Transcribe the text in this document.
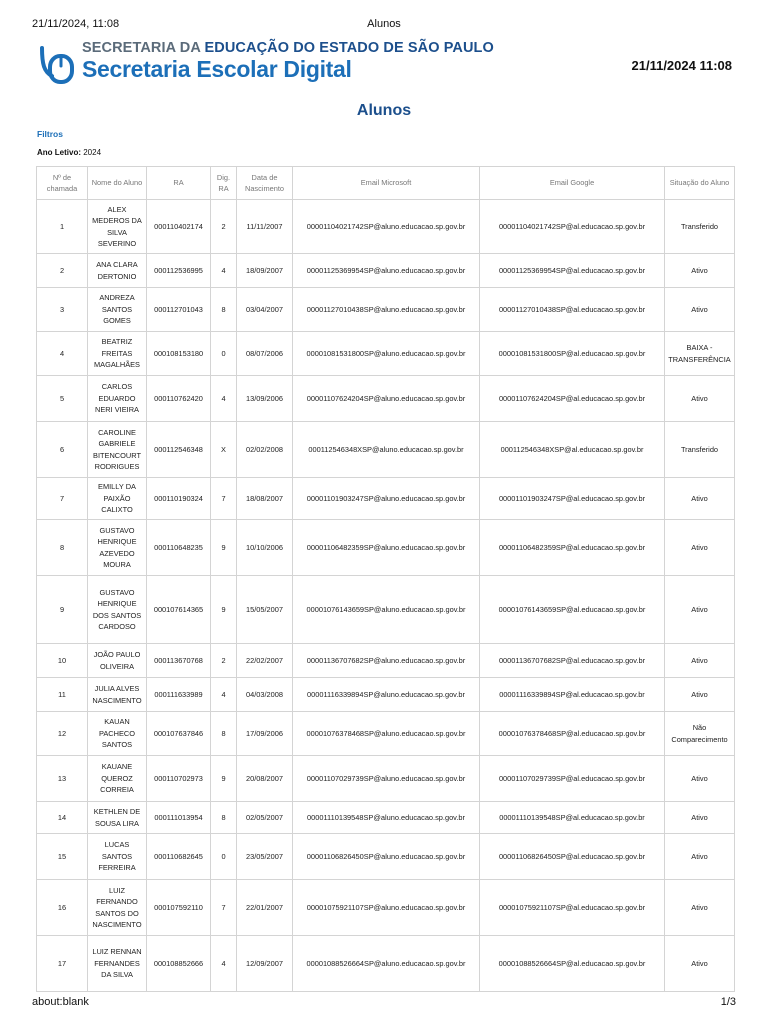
21/11/2024, 11:08	Alunos
SECRETARIA DA EDUCAÇÃO DO ESTADO DE SÃO PAULO
Secretaria Escolar Digital	21/11/2024 11:08
Alunos
Filtros
Ano Letivo: 2024
Nº de chamada	Nome do Aluno	RA	Dig. RA	Data de Nascimento	Email Microsoft	Email Google	Situação do Aluno
1	ALEX MEDEROS DA SILVA SEVERINO	000110402174	2	11/11/2007	00001104021742SP@aluno.educacao.sp.gov.br	00001104021742SP@al.educacao.sp.gov.br	Transferido
2	ANA CLARA DERTONIO	000112536995	4	18/09/2007	00001125369954SP@aluno.educacao.sp.gov.br	00001125369954SP@al.educacao.sp.gov.br	Ativo
3	ANDREZA SANTOS GOMES	000112701043	8	03/04/2007	00001127010438SP@aluno.educacao.sp.gov.br	00001127010438SP@al.educacao.sp.gov.br	Ativo
4	BEATRIZ FREITAS MAGALHÃES	000108153180	0	08/07/2006	00001081531800SP@aluno.educacao.sp.gov.br	00001081531800SP@al.educacao.sp.gov.br	BAIXA - TRANSFERÊNCIA
5	CARLOS EDUARDO NERI VIEIRA	000110762420	4	13/09/2006	00001107624204SP@aluno.educacao.sp.gov.br	00001107624204SP@al.educacao.sp.gov.br	Ativo
6	CAROLINE GABRIELE BITENCOURT RODRIGUES	000112546348	X	02/02/2008	000112546348XSP@aluno.educacao.sp.gov.br	000112546348XSP@al.educacao.sp.gov.br	Transferido
7	EMILLY DA PAIXÃO CALIXTO	000110190324	7	18/08/2007	00001101903247SP@aluno.educacao.sp.gov.br	00001101903247SP@al.educacao.sp.gov.br	Ativo
8	GUSTAVO HENRIQUE AZEVEDO MOURA	000110648235	9	10/10/2006	00001106482359SP@aluno.educacao.sp.gov.br	00001106482359SP@al.educacao.sp.gov.br	Ativo
9	GUSTAVO HENRIQUE DOS SANTOS CARDOSO	000107614365	9	15/05/2007	00001076143659SP@aluno.educacao.sp.gov.br	00001076143659SP@al.educacao.sp.gov.br	Ativo
10	JOÃO PAULO OLIVEIRA	000113670768	2	22/02/2007	00001136707682SP@aluno.educacao.sp.gov.br	00001136707682SP@al.educacao.sp.gov.br	Ativo
11	JULIA ALVES NASCIMENTO	000111633989	4	04/03/2008	00001116339894SP@aluno.educacao.sp.gov.br	00001116339894SP@al.educacao.sp.gov.br	Ativo
12	KAUAN PACHECO SANTOS	000107637846	8	17/09/2006	00001076378468SP@aluno.educacao.sp.gov.br	00001076378468SP@al.educacao.sp.gov.br	Não Comparecimento
13	KAUANE QUEROZ CORREIA	000110702973	9	20/08/2007	00001107029739SP@aluno.educacao.sp.gov.br	00001107029739SP@al.educacao.sp.gov.br	Ativo
14	KETHLEN DE SOUSA LIRA	000111013954	8	02/05/2007	00001110139548SP@aluno.educacao.sp.gov.br	00001110139548SP@al.educacao.sp.gov.br	Ativo
15	LUCAS SANTOS FERREIRA	000110682645	0	23/05/2007	00001106826450SP@aluno.educacao.sp.gov.br	00001106826450SP@al.educacao.sp.gov.br	Ativo
16	LUIZ FERNANDO SANTOS DO NASCIMENTO	000107592110	7	22/01/2007	00001075921107SP@aluno.educacao.sp.gov.br	00001075921107SP@al.educacao.sp.gov.br	Ativo
17	LUIZ RENNAN FERNANDES DA SILVA	000108852666	4	12/09/2007	00001088526664SP@aluno.educacao.sp.gov.br	00001088526664SP@al.educacao.sp.gov.br	Ativo
about:blank	1/3
